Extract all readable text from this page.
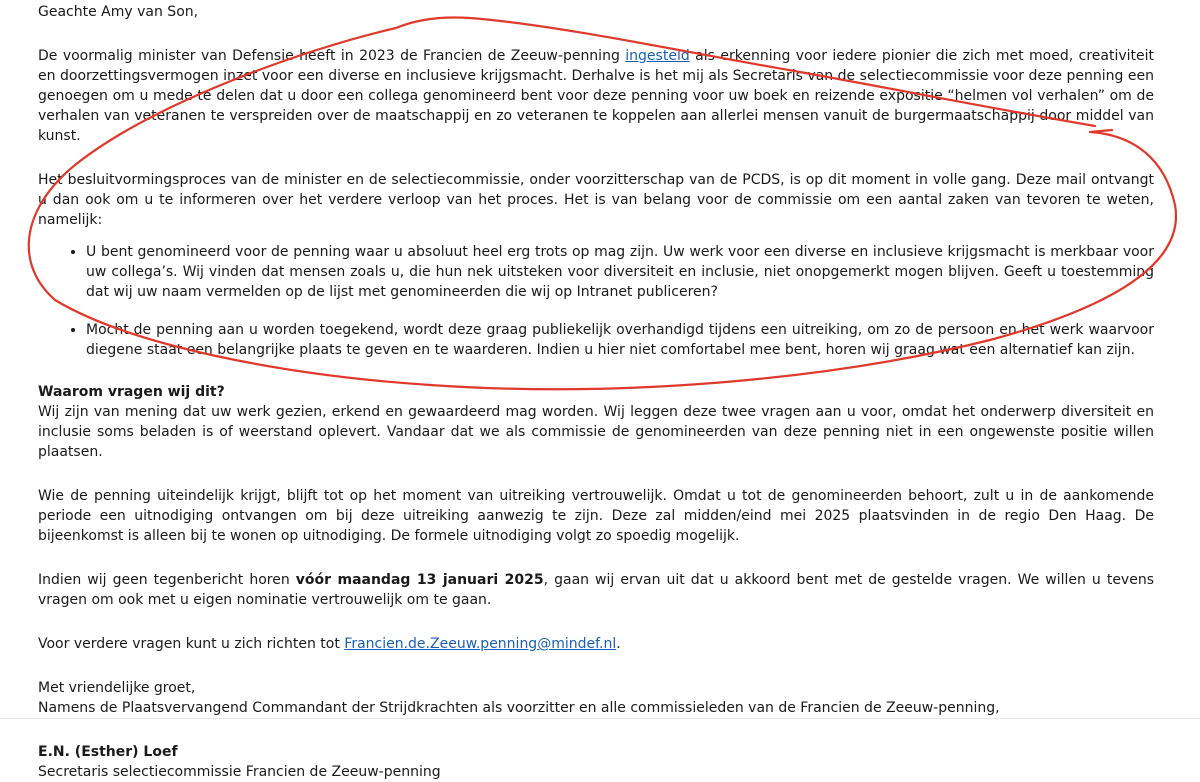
Geachte Amy van Son,

De voormalig minister van Defensie heeft in 2023 de Francien de Zeeuw-penning ingesteld als erkenning voor iedere pionier die zich met moed, creativiteit en doorzettingsvermogen inzet voor een diverse en inclusieve krijgsmacht. Derhalve is het mij als Secretaris van de selectiecommissie voor deze penning een genoegen om u mede te delen dat u door een collega genomineerd bent voor deze penning voor uw boek en reizende expositie “helmen vol verhalen” om de verhalen van veteranen te verspreiden over de maatschappij en zo veteranen te koppelen aan allerlei mensen vanuit de burgermaatschappij door middel van kunst.

Het besluitvormingsproces van de minister en de selectiecommissie, onder voorzitterschap van de PCDS, is op dit moment in volle gang. Deze mail ontvangt u dan ook om u te informeren over het verdere verloop van het proces. Het is van belang voor de commissie om een aantal zaken van tevoren te weten, namelijk:

• U bent genomineerd voor de penning waar u absoluut heel erg trots op mag zijn. Uw werk voor een diverse en inclusieve krijgsmacht is merkbaar voor uw collega’s. Wij vinden dat mensen zoals u, die hun nek uitsteken voor diversiteit en inclusie, niet onopgemerkt mogen blijven. Geeft u toestemming dat wij uw naam vermelden op de lijst met genomineerden die wij op Intranet publiceren?
• Mocht de penning aan u worden toegekend, wordt deze graag publiekelijk overhandigd tijdens een uitreiking, om zo de persoon en het werk waarvoor diegene staat een belangrijke plaats te geven en te waarderen. Indien u hier niet comfortabel mee bent, horen wij graag wat een alternatief kan zijn.

Waarom vragen wij dit?

Wij zijn van mening dat uw werk gezien, erkend en gewaardeerd mag worden. Wij leggen deze twee vragen aan u voor, omdat het onderwerp diversiteit en inclusie soms beladen is of weerstand oplevert. Vandaar dat we als commissie de genomineerden van deze penning niet in een ongewenste positie willen plaatsen.

Wie de penning uiteindelijk krijgt, blijft tot op het moment van uitreiking vertrouwelijk. Omdat u tot de genomineerden behoort, zult u in de aankomende periode een uitnodiging ontvangen om bij deze uitreiking aanwezig te zijn. Deze zal midden/eind mei 2025 plaatsvinden in de regio Den Haag. De bijeenkomst is alleen bij te wonen op uitnodiging. De formele uitnodiging volgt zo spoedig mogelijk.

Indien wij geen tegenbericht horen vóór maandag 13 januari 2025, gaan wij ervan uit dat u akkoord bent met de gestelde vragen. We willen u tevens vragen om ook met u eigen nominatie vertrouwelijk om te gaan.

Voor verdere vragen kunt u zich richten tot Francien.de.Zeeuw.penning@mindef.nl.

Met vriendelijke groet,

Namens de Plaatsvervangend Commandant der Strijdkrachten als voorzitter en alle commissieleden van de Francien de Zeeuw-penning,

E.N. (Esther) Loef

Secretaris selectiecommissie Francien de Zeeuw-penning
